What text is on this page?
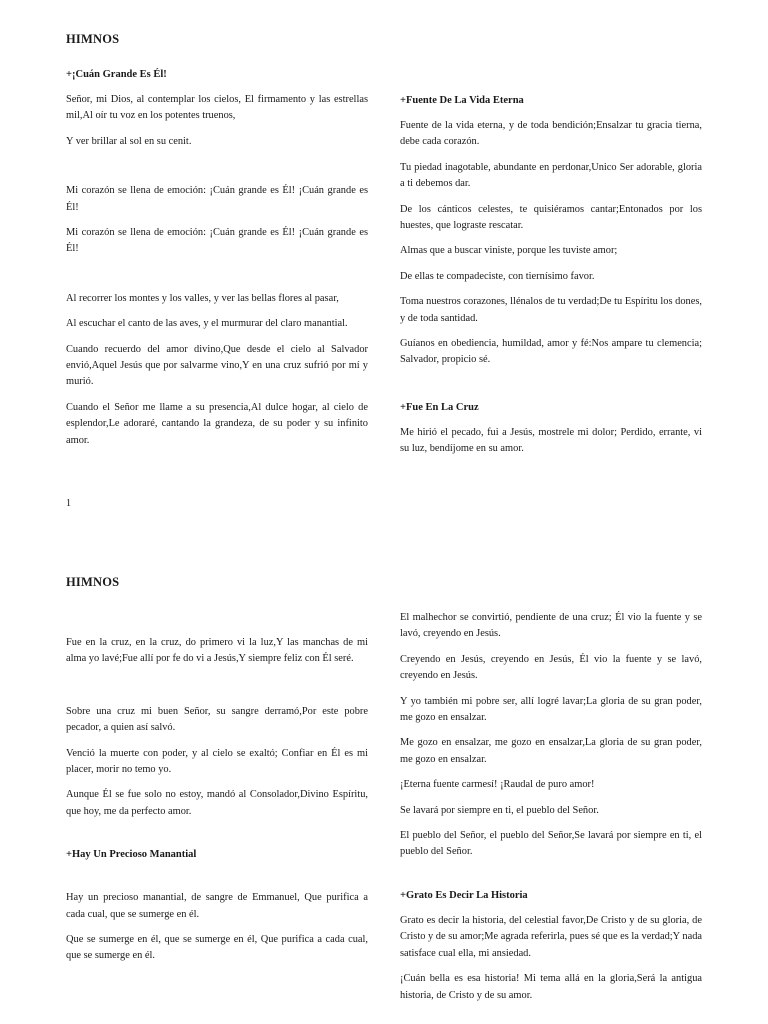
HIMNOS
+¡Cuán Grande Es Él!
Señor, mi Dios, al contemplar los cielos, El firmamento y las estrellas mil,Al oír tu voz en los potentes truenos,
Y ver brillar al sol en su cenit.
Mi corazón se llena de emoción: ¡Cuán grande es Él! ¡Cuán grande es Él!
Mi corazón se llena de emoción: ¡Cuán grande es Él! ¡Cuán grande es Él!
Al recorrer los montes y los valles, y ver las bellas flores al pasar,
Al escuchar el canto de las aves, y el murmurar del claro manantial.
Cuando recuerdo del amor divino,Que desde el cielo al Salvador envió,Aquel Jesús que por salvarme vino,Y en una cruz sufrió por mí y murió.
Cuando el Señor me llame a su presencia,Al dulce hogar, al cielo de esplendor,Le adoraré, cantando la grandeza, de su poder y su infinito amor.
+Fuente De La Vida Eterna
Fuente de la vida eterna, y de toda bendición;Ensalzar tu gracia tierna, debe cada corazón.
Tu piedad inagotable, abundante en perdonar,Unico Ser adorable, gloria a ti debemos dar.
De los cánticos celestes, te quisiéramos cantar;Entonados por los huestes, que lograste rescatar.
Almas que a buscar viniste, porque les tuviste amor;
De ellas te compadeciste, con tiernísimo favor.
Toma nuestros corazones, llénalos de tu verdad;De tu Espíritu los dones, y de toda santidad.
Guíanos en obediencia, humildad, amor y fé:Nos ampare tu clemencia; Salvador, propicio sé.
+Fue En La Cruz
Me hirió el pecado, fui a Jesús, mostrele mi dolor; Perdido, errante, vi su luz, bendíjome en su amor.
1
HIMNOS
Fue en la cruz, en la cruz, do primero vi la luz,Y las manchas de mi alma yo lavé;Fue allí por fe do vi a Jesús,Y siempre feliz con Él seré.
Sobre una cruz mi buen Señor, su sangre derramó,Por este pobre pecador, a quien así salvó.
Venció la muerte con poder, y al cielo se exaltó; Confiar en Él es mi placer, morir no temo yo.
Aunque Él se fue solo no estoy, mandó al Consolador,Divino Espíritu, que hoy, me da perfecto amor.
+Hay Un Precioso Manantial
Hay un precioso manantial, de sangre de Emmanuel, Que purifica a cada cual, que se sumerge en él.
Que se sumerge en él, que se sumerge en él, Que purifica a cada cual, que se sumerge en él.
El malhechor se convirtió, pendiente de una cruz; Él vio la fuente y se lavó, creyendo en Jesús.
Creyendo en Jesús, creyendo en Jesús, Él vio la fuente y se lavó, creyendo en Jesús.
Y yo también mi pobre ser, allí logré lavar;La gloria de su gran poder, me gozo en ensalzar.
Me gozo en ensalzar, me gozo en ensalzar,La gloria de su gran poder, me gozo en ensalzar.
¡Eterna fuente carmesí! ¡Raudal de puro amor!
Se lavará por siempre en ti, el pueblo del Señor.
El pueblo del Señor, el pueblo del Señor,Se lavará por siempre en ti, el pueblo del Señor.
+Grato Es Decir La Historia
Grato es decir la historia, del celestial favor,De Cristo y de su gloria, de Cristo y de su amor;Me agrada referirla, pues sé que es la verdad;Y nada satisface cual ella, mi ansiedad.
¡Cuán bella es esa historia! Mi tema allá en la gloria,Será la antigua historia, de Cristo y de su amor.
